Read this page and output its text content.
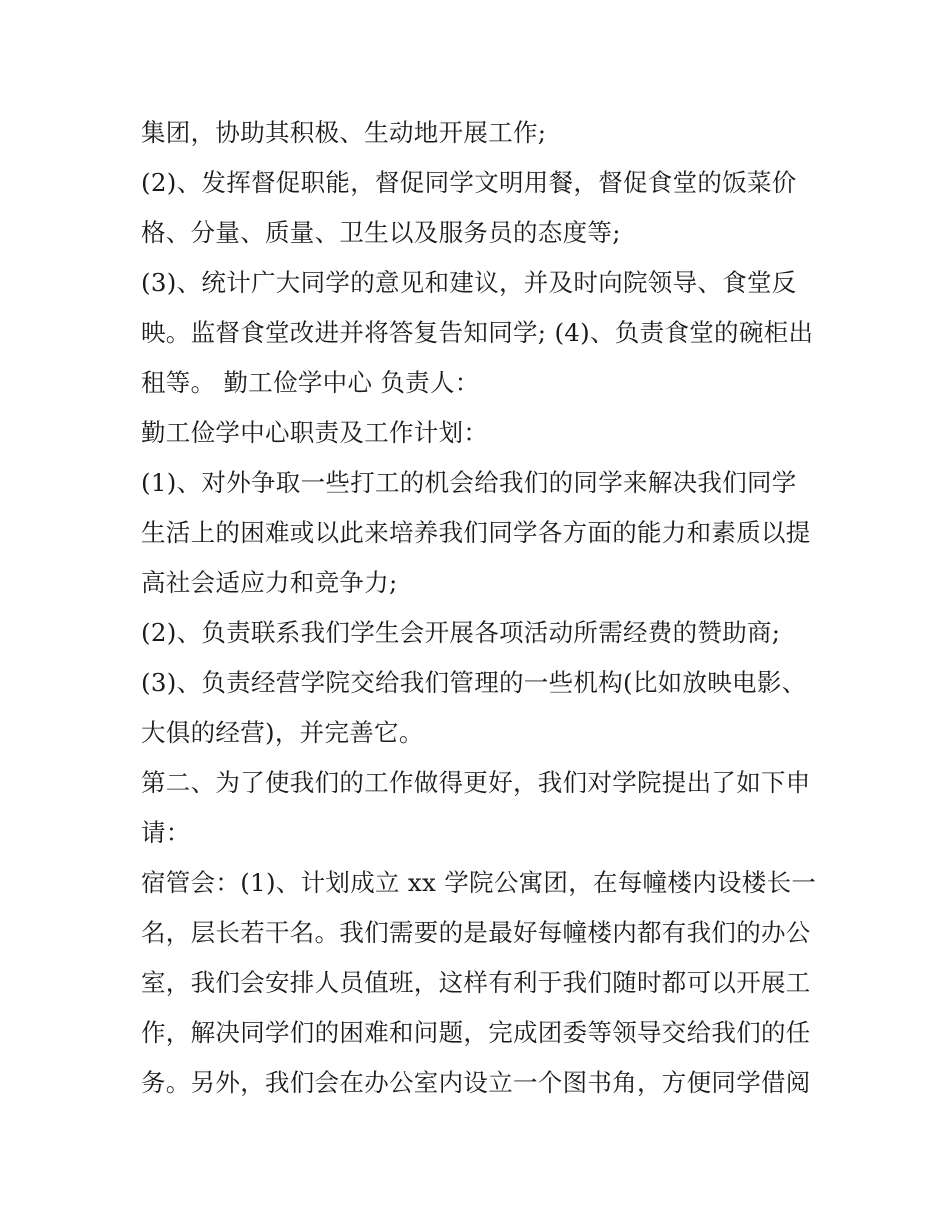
集团，协助其积极、生动地开展工作;
(2)、发挥督促职能，督促同学文明用餐，督促食堂的饭菜价
格、分量、质量、卫生以及服务员的态度等;
(3)、统计广大同学的意见和建议，并及时向院领导、食堂反
映。监督食堂改进并将答复告知同学; (4)、负责食堂的碗柜出
租等。 勤工俭学中心 负责人：
勤工俭学中心职责及工作计划：
(1)、对外争取一些打工的机会给我们的同学来解决我们同学
生活上的困难或以此来培养我们同学各方面的能力和素质以提
高社会适应力和竞争力;
(2)、负责联系我们学生会开展各项活动所需经费的赞助商;
(3)、负责经营学院交给我们管理的一些机构(比如放映电影、
大俱的经营)，并完善它。
第二、为了使我们的工作做得更好，我们对学院提出了如下申
请：
宿管会：(1)、计划成立 xx 学院公寓团，在每幢楼内设楼长一
名，层长若干名。我们需要的是最好每幢楼内都有我们的办公
室，我们会安排人员值班，这样有利于我们随时都可以开展工
作，解决同学们的困难和问题，完成团委等领导交给我们的任
务。另外，我们会在办公室内设立一个图书角，方便同学借阅
